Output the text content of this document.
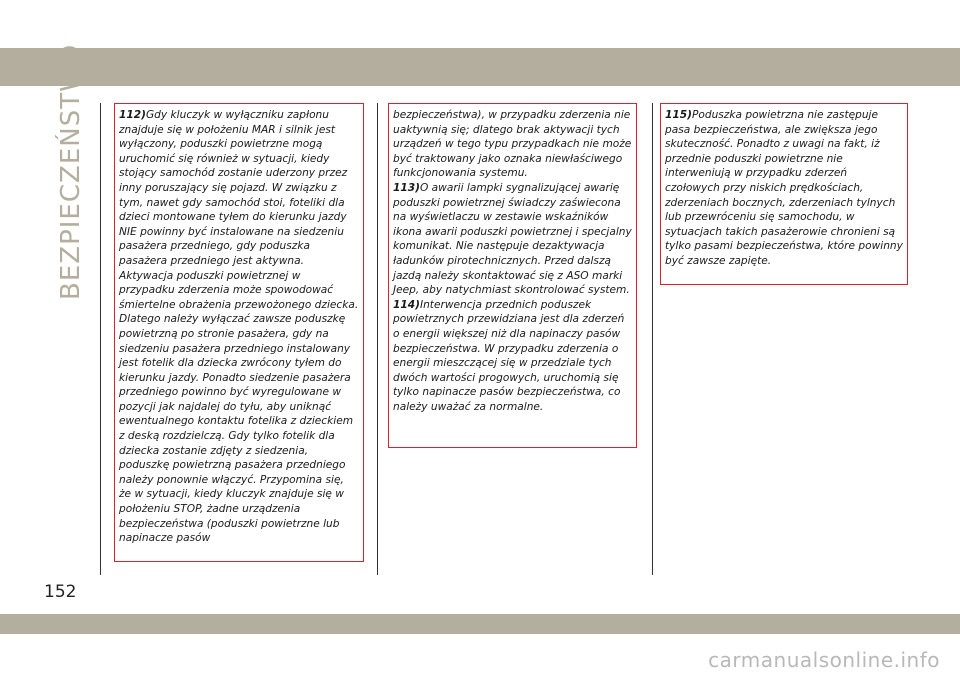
BEZPIECZEŃSTWO	112)Gdy kluczyk w wyłączniku zapłonu znajduje się w położeniu MAR i silnik jest wyłączony, poduszki powietrzne mogą uruchomić się również w sytuacji, kiedy stojący samochód zostanie uderzony przez inny poruszający się pojazd. W związku z tym, nawet gdy samochód stoi, foteliki dla dzieci montowane tyłem do kierunku jazdy NIE powinny być instalowane na siedzeniu pasażera przedniego, gdy poduszka pasażera przedniego jest aktywna. Aktywacja poduszki powietrznej w przypadku zderzenia może spowodować śmiertelne obrażenia przewożonego dziecka. Dlatego należy wyłączać zawsze poduszkę powietrzną po stronie pasażera, gdy na siedzeniu pasażera przedniego instalowany jest fotelik dla dziecka zwrócony tyłem do kierunku jazdy. Ponadto siedzenie pasażera przedniego powinno być wyregulowane w pozycji jak najdalej do tyłu, aby uniknąć ewentualnego kontaktu fotelika z dzieckiem z deską rozdzielczą. Gdy tylko fotelik dla dziecka zostanie zdjęty z siedzenia, poduszkę powietrzną pasażera przedniego należy ponownie włączyć. Przypomina się, że w sytuacji, kiedy kluczyk znajduje się w położeniu STOP, żadne urządzenia bezpieczeństwa (poduszki powietrzne lub napinacze pasów

bezpieczeństwa), w przypadku zderzenia nie uaktywnią się; dlatego brak aktywacji tych urządzeń w tego typu przypadkach nie może być traktowany jako oznaka niewłaściwego funkcjonowania systemu.

113)O awarii lampki sygnalizującej awarię poduszki powietrznej świadczy zaświecona na wyświetlaczu w zestawie wskaźników ikona awarii poduszki powietrznej i specjalny komunikat. Nie następuje dezaktywacja ładunków pirotechnicznych. Przed dalszą jazdą należy skontaktować się z ASO marki Jeep, aby natychmiast skontrolować system.

114)Interwencja przednich poduszek powietrznych przewidziana jest dla zderzeń o energii większej niż dla napinaczy pasów bezpieczeństwa. W przypadku zderzenia o energii mieszczącej się w przedziale tych dwóch wartości progowych, uruchomią się tylko napinacze pasów bezpieczeństwa, co należy uważać za normalne.

115)Poduszka powietrzna nie zastępuje pasa bezpieczeństwa, ale zwiększa jego skuteczność. Ponadto z uwagi na fakt, iż przednie poduszki powietrzne nie interweniują w przypadku zderzeń czołowych przy niskich prędkościach, zderzeniach bocznych, zderzeniach tylnych lub przewróceniu się samochodu, w sytuacjach takich pasażerowie chronieni są tylko pasami bezpieczeństwa, które powinny być zawsze zapięte.

152
carmanualsonline.info
